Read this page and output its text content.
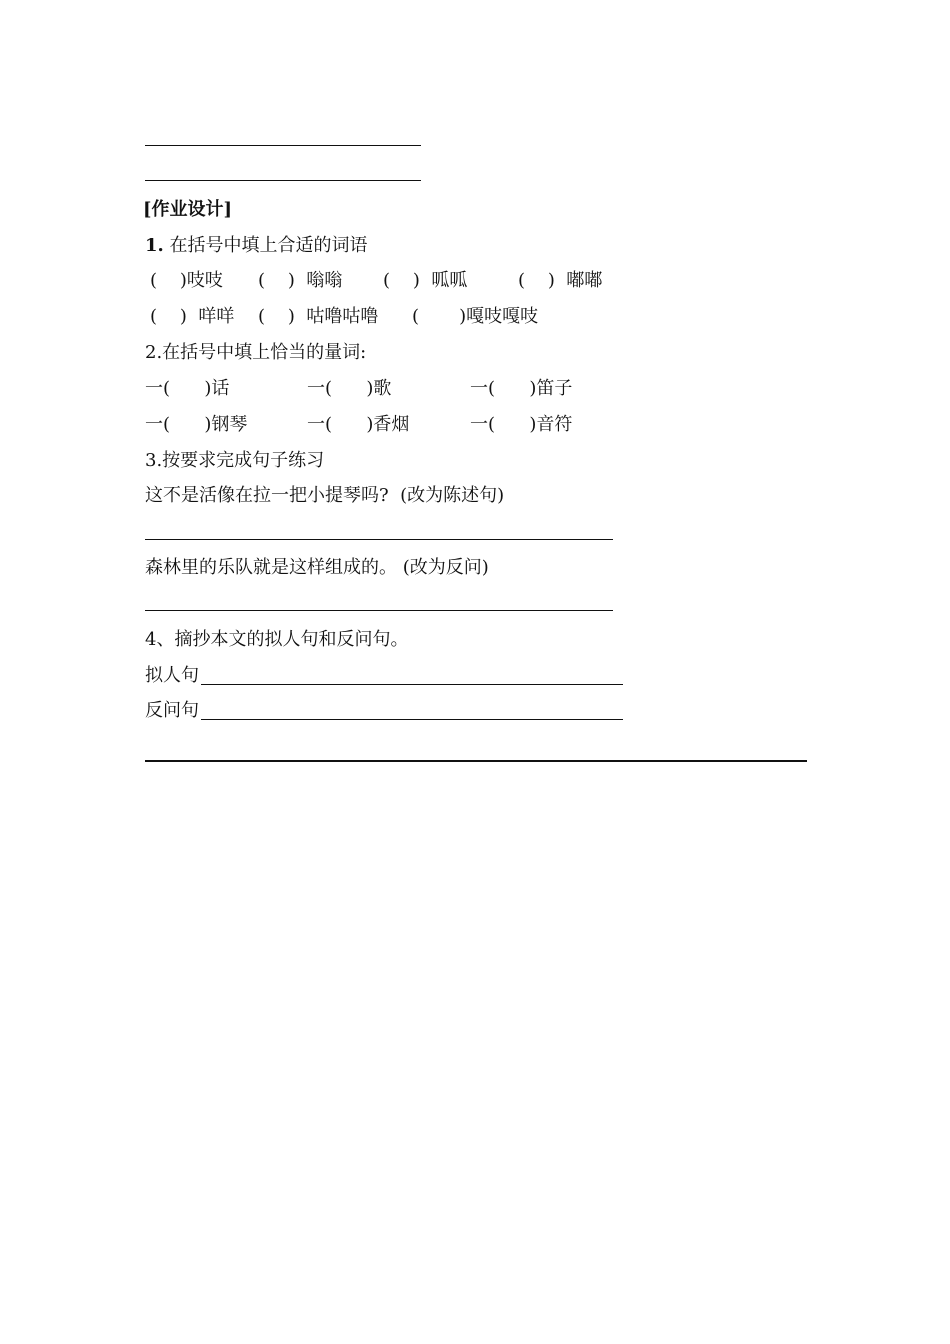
[作业设计]
1. 在括号中填上合适的词语
(    )吱吱 (    )  嗡嗡 (    )  呱呱	(    )  嘟嘟
(    )  咩咩 (    )  咕噜咕噜 (       )嘎吱嘎吱
2.在括号中填上恰当的量词:
一(      )话	一(      )歌	一(      )笛子
一(      )钢琴	一(      )香烟	一(      )音符
3.按要求完成句子练习
这不是活像在拉一把小提琴吗?  (改为陈述句)
森林里的乐队就是这样组成的。 (改为反问)
4、摘抄本文的拟人句和反问句。
拟人句
反问句
